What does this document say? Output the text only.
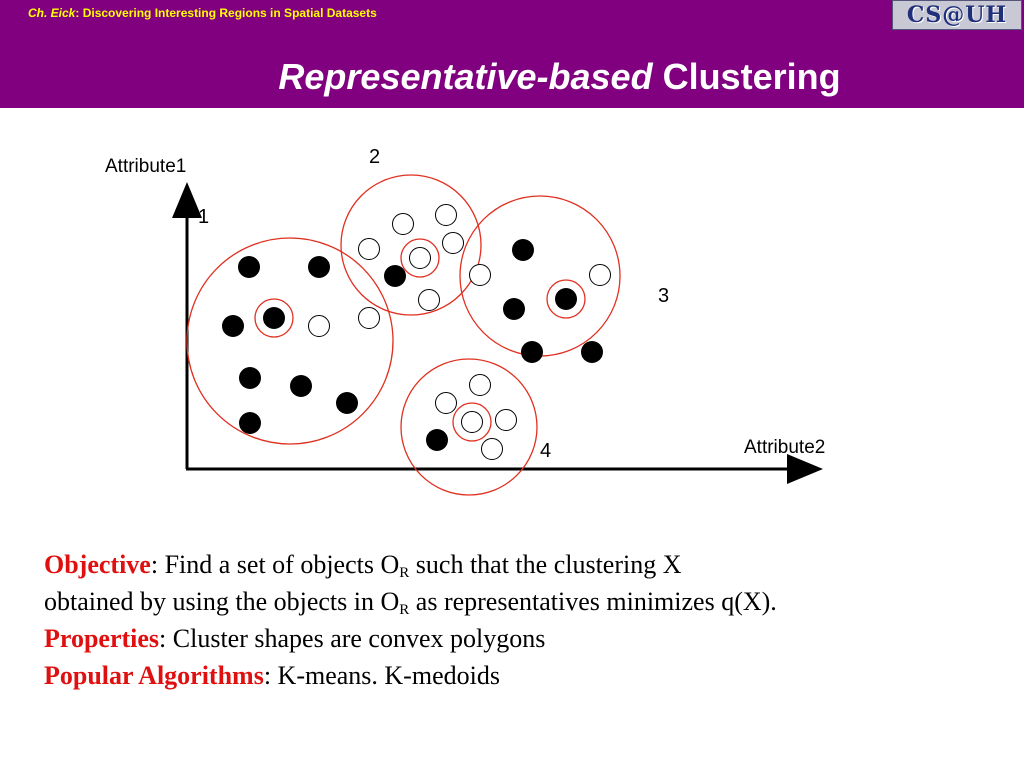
Ch. Eick: Discovering Interesting Regions in Spatial Datasets	CS@UH
Representative-based Clustering
Attribute1
Attribute2
1
2
3
4
Objective: Find a set of objects $O_R$ such that the clustering X
obtained by using the objects in $O_R$ as representatives minimizes q(X).
Properties: Cluster shapes are convex polygons
Popular Algorithms: K-means. K-medoids
